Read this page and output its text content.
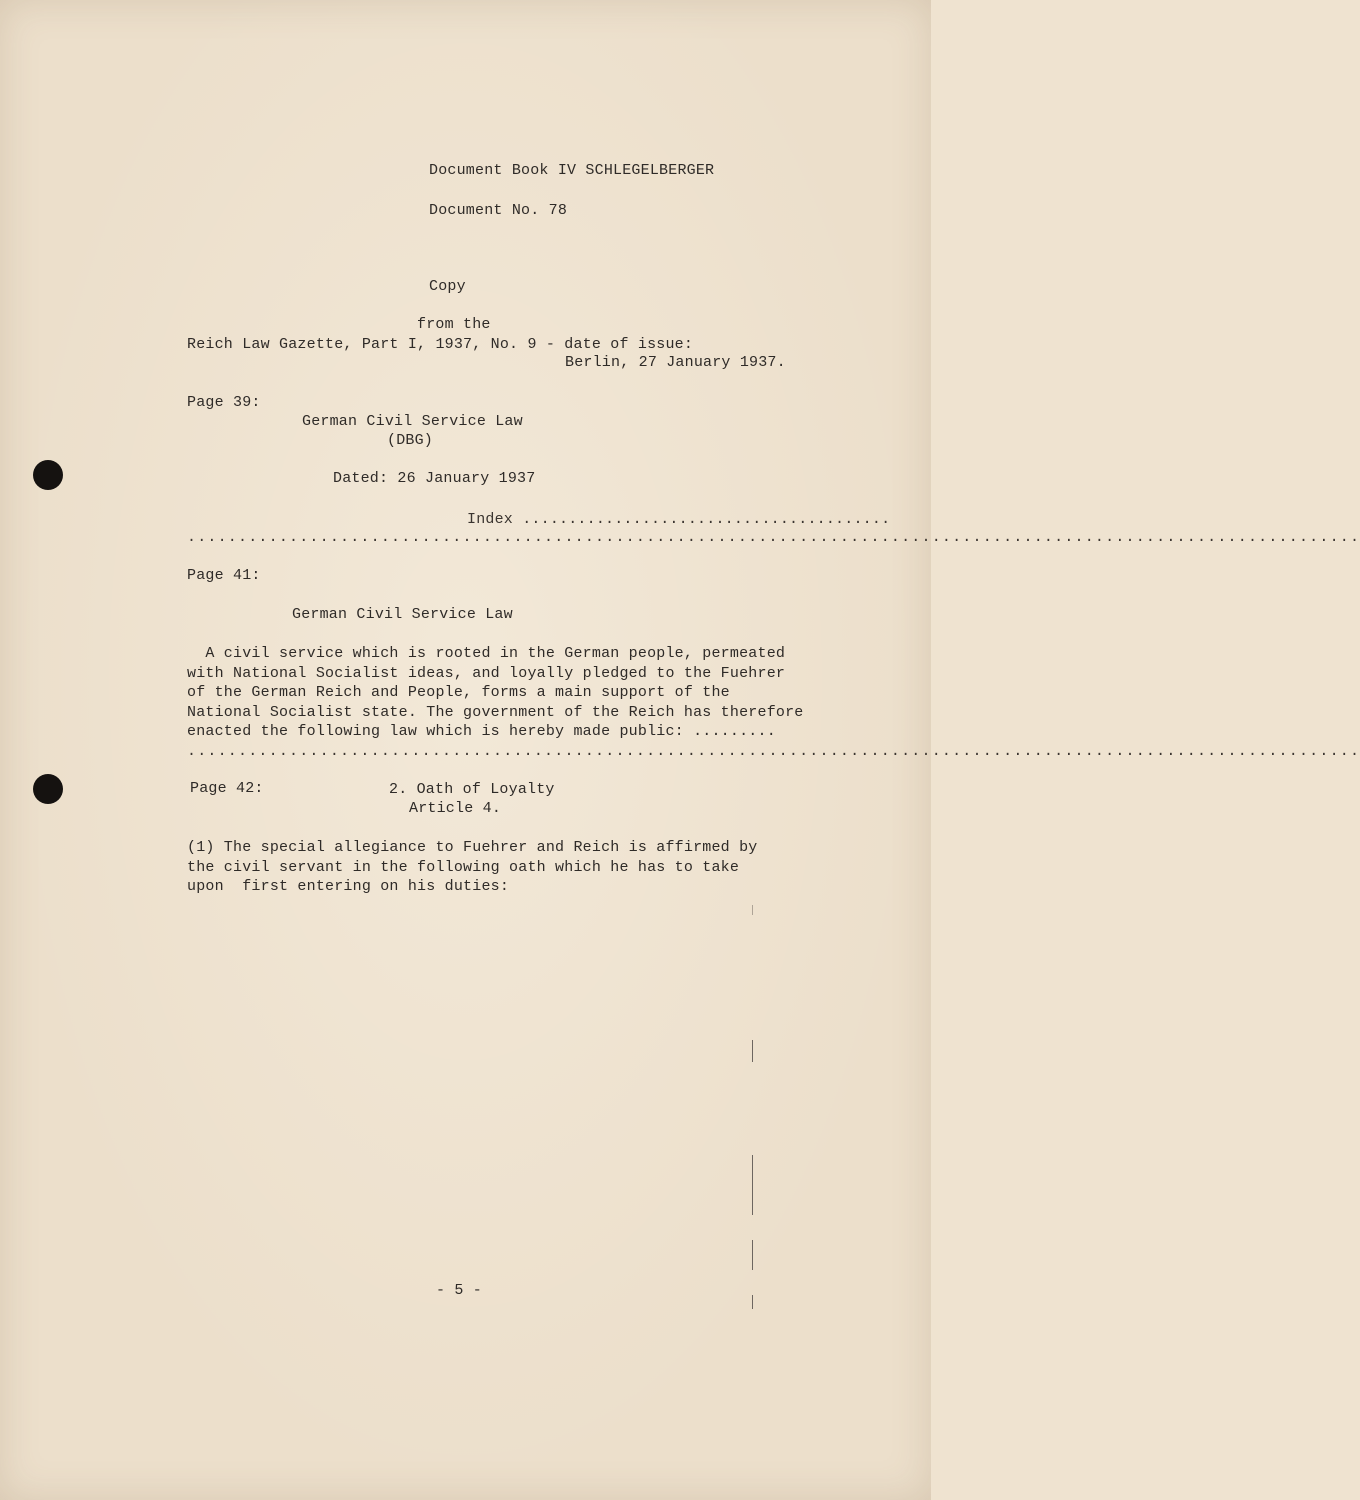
Document Book IV SCHLEGELBERGER
Document No. 78
Copy
from the
Reich Law Gazette, Part I, 1937, No. 9 - date of issue:
Berlin, 27 January 1937.
Page 39:
German Civil Service Law
(DBG)
Dated: 26 January 1937
Index ........................................
...................................................................................................................
Page 41:
German Civil Service Law
A civil service which is rooted in the German people, permeated
with National Socialist ideas, and loyally pledged to the Fuehrer
of the German Reich and People, forms a main support of the
National Socialist state. The government of the Reich has therefore
enacted the following law which is hereby made public: .........
...................................................................................................................
Page 42:	2. Oath of Loyalty
Article 4.
(1) The special allegiance to Fuehrer and Reich is affirmed by
the civil servant in the following oath which he has to take
upon  first entering on his duties:
- 5 -
